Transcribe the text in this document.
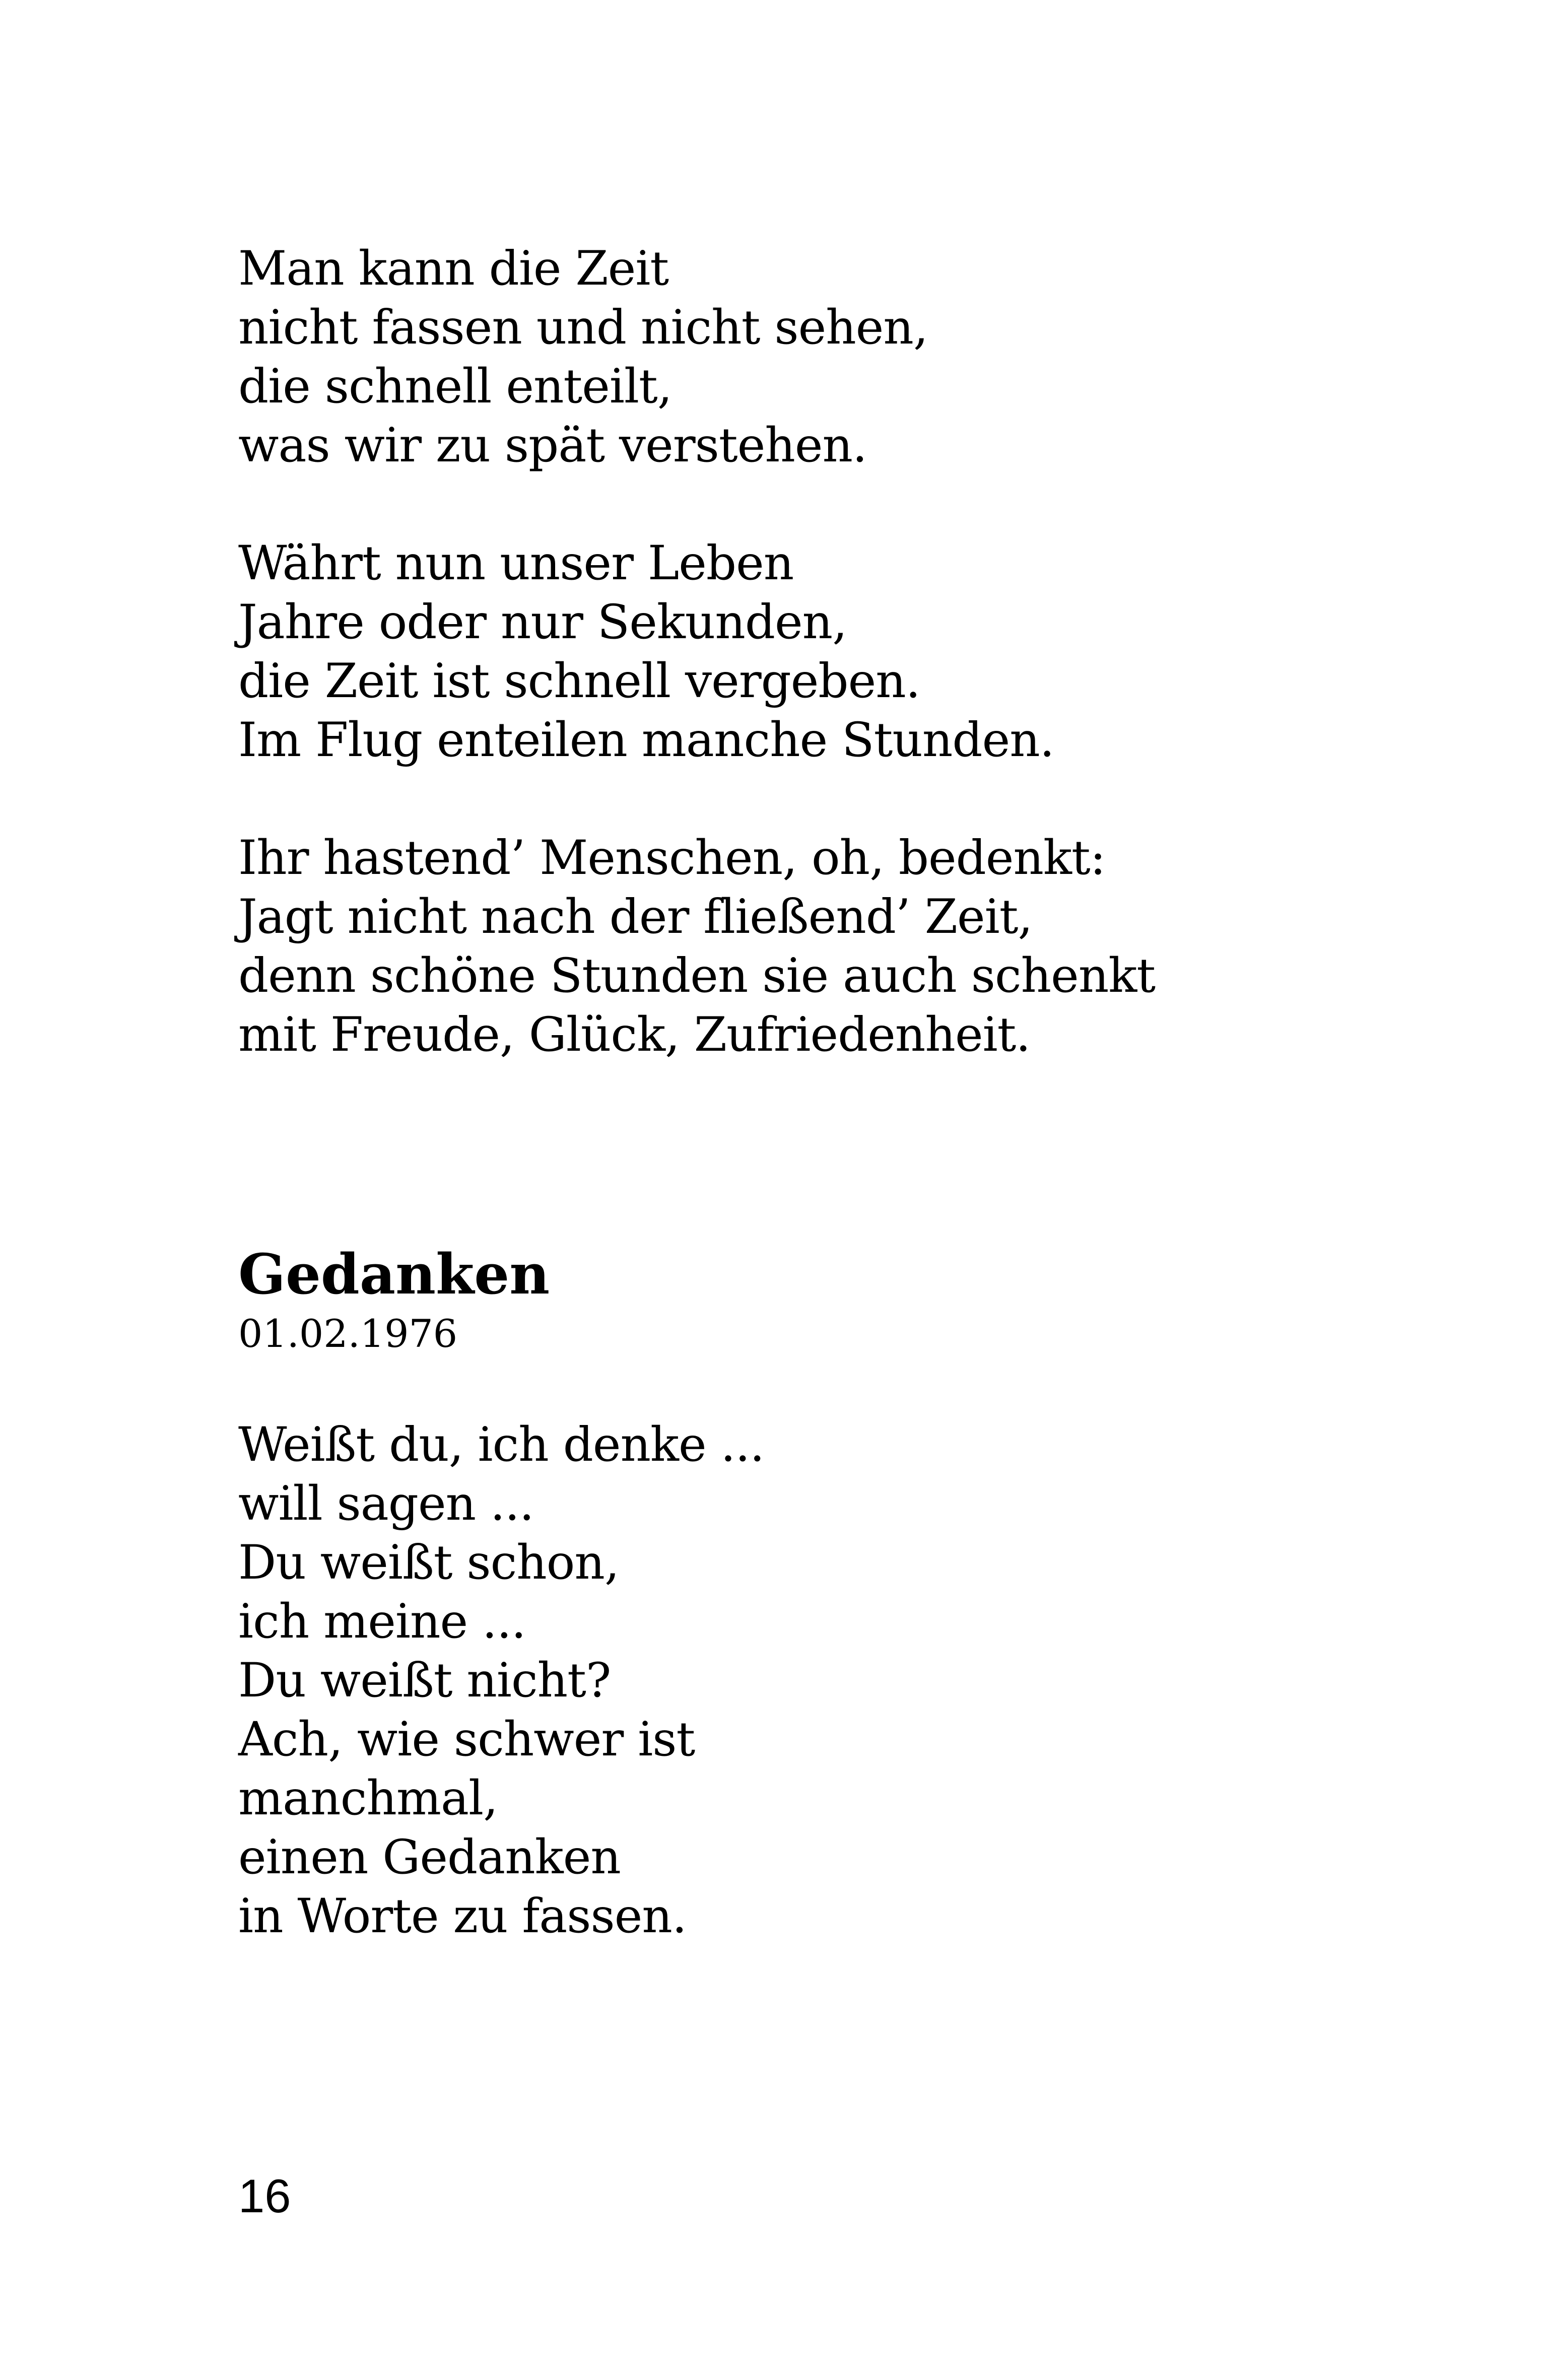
Man kann die Zeit
nicht fassen und nicht sehen,
die schnell enteilt,
was wir zu spät verstehen.
Währt nun unser Leben
Jahre oder nur Sekunden,
die Zeit ist schnell vergeben.
Im Flug enteilen manche Stunden.
Ihr hastend’ Menschen, oh, bedenkt:
Jagt nicht nach der fließend’ Zeit,
denn schöne Stunden sie auch schenkt
mit Freude, Glück, Zufriedenheit.
Gedanken
01.02.1976
Weißt du, ich denke ...
will sagen ...
Du weißt schon,
ich meine ...
Du weißt nicht?
Ach, wie schwer ist
manchmal,
einen Gedanken
in Worte zu fassen.
16
